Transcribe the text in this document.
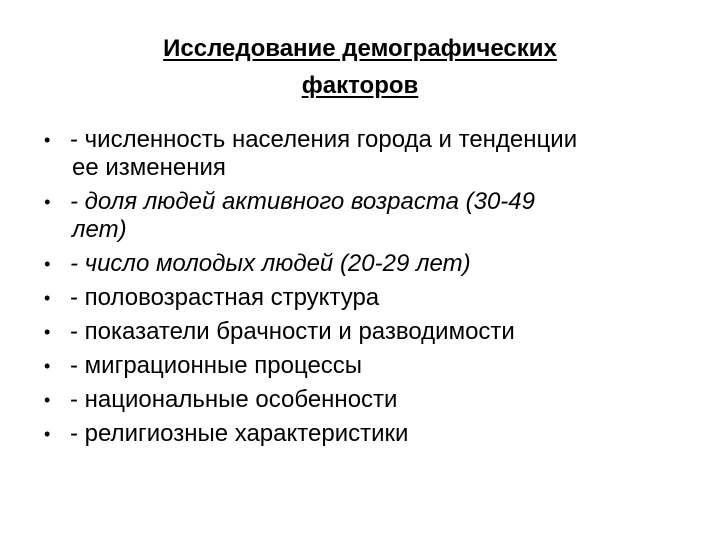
Исследование демографических
факторов
• - численность населения города и тенденции
ее изменения
• - доля людей активного возраста (30-49
лет)
• - число молодых людей (20-29 лет)
• - половозрастная структура
• - показатели брачности и разводимости
• - миграционные процессы
• - национальные особенности
• - религиозные характеристики
